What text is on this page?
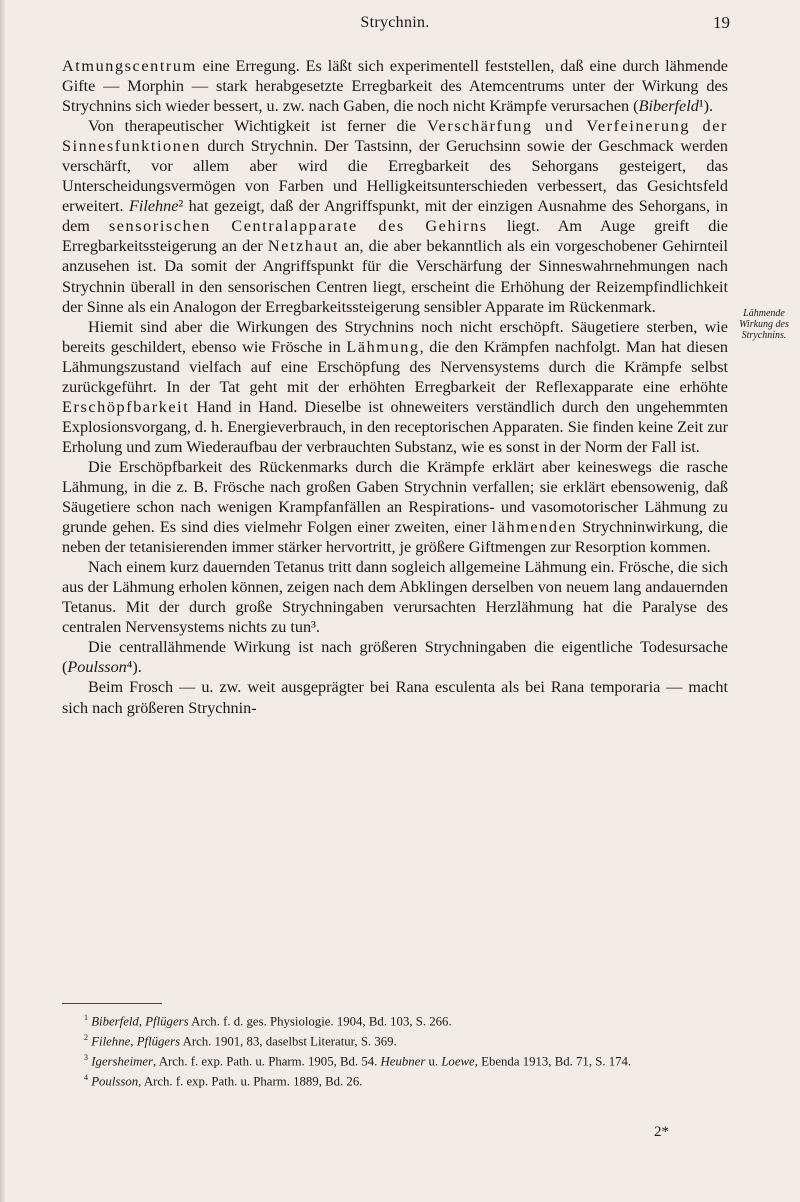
Strychnin.	19

Atmungscentrum eine Erregung. Es läßt sich experimentell feststellen, daß eine durch lähmende Gifte — Morphin — stark herabgesetzte Erregbarkeit des Atemcentrums unter der Wirkung des Strychnins sich wieder bessert, u. zw. nach Gaben, die noch nicht Krämpfe verursachen (Biberfeld¹).

Von therapeutischer Wichtigkeit ist ferner die Verschärfung und Verfeinerung der Sinnesfunktionen durch Strychnin. Der Tastsinn, der Geruchsinn sowie der Geschmack werden verschärft, vor allem aber wird die Erregbarkeit des Sehorgans gesteigert, das Unterscheidungsvermögen von Farben und Helligkeitsunterschieden verbessert, das Gesichtsfeld erweitert. Filehne² hat gezeigt, daß der Angriffspunkt, mit der einzigen Ausnahme des Sehorgans, in dem sensorischen Centralapparate des Gehirns liegt. Am Auge greift die Erregbarkeitssteigerung an der Netzhaut an, die aber bekanntlich als ein vorgeschobener Gehirnteil anzusehen ist. Da somit der Angriffspunkt für die Verschärfung der Sinneswahrnehmungen nach Strychnin überall in den sensorischen Centren liegt, erscheint die Erhöhung der Reizempfindlichkeit der Sinne als ein Analogon der Erregbarkeitssteigerung sensibler Apparate im Rückenmark.

Hiemit sind aber die Wirkungen des Strychnins noch nicht erschöpft. Säugetiere sterben, wie bereits geschildert, ebenso wie Frösche in Lähmung, die den Krämpfen nachfolgt. Man hat diesen Lähmungszustand vielfach auf eine Erschöpfung des Nervensystems durch die Krämpfe selbst zurückgeführt. In der Tat geht mit der erhöhten Erregbarkeit der Reflexapparate eine erhöhte Erschöpfbarkeit Hand in Hand. Dieselbe ist ohneweiters verständlich durch den ungehemmten Explosionsvorgang, d. h. Energieverbrauch, in den receptorischen Apparaten. Sie finden keine Zeit zur Erholung und zum Wiederaufbau der verbrauchten Substanz, wie es sonst in der Norm der Fall ist.

Die Erschöpfbarkeit des Rückenmarks durch die Krämpfe erklärt aber keineswegs die rasche Lähmung, in die z. B. Frösche nach großen Gaben Strychnin verfallen; sie erklärt ebensowenig, daß Säugetiere schon nach wenigen Krampfanfällen an Respirations- und vasomotorischer Lähmung zu grunde gehen. Es sind dies vielmehr Folgen einer zweiten, einer lähmenden Strychninwirkung, die neben der tetanisierenden immer stärker hervortritt, je größere Giftmengen zur Resorption kommen.

Nach einem kurz dauernden Tetanus tritt dann sogleich allgemeine Lähmung ein. Frösche, die sich aus der Lähmung erholen können, zeigen nach dem Abklingen derselben von neuem lang andauernden Tetanus. Mit der durch große Strychningaben verursachten Herzlähmung hat die Paralyse des centralen Nervensystems nichts zu tun³.

Die centrallähmende Wirkung ist nach größeren Strychningaben die eigentliche Todesursache (Poulsson⁴).

Beim Frosch — u. zw. weit ausgeprägter bei Rana esculenta als bei Rana temporaria — macht sich nach größeren Strychnin-

Lähmende Wirkung des Strychnins.
$^1$ Biberfeld, Pflügers Arch. f. d. ges. Physiologie. 1904, Bd. 103, S. 266.
$^2$ Filehne, Pflügers Arch. 1901, 83, daselbst Literatur, S. 369.
$^3$ Igersheimer, Arch. f. exp. Path. u. Pharm. 1905, Bd. 54. Heubner u. Loewe, Ebenda 1913, Bd. 71, S. 174.
$^4$ Poulsson, Arch. f. exp. Path. u. Pharm. 1889, Bd. 26.
2*
